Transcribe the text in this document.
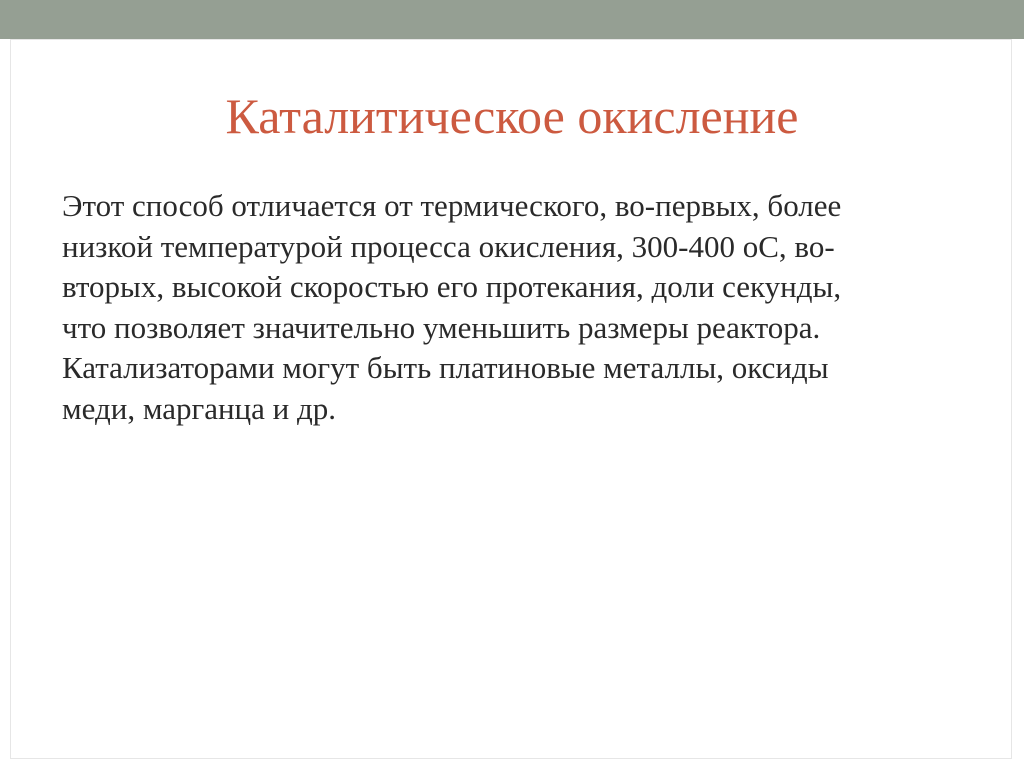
Каталитическое окисление

Этот способ отличается от термического, во-первых, более
низкой температурой процесса окисления, 300-400 оС, во-
вторых, высокой скоростью его протекания, доли секунды,
что позволяет значительно уменьшить размеры реактора.
Катализаторами могут быть платиновые металлы, оксиды
меди, марганца и др.
